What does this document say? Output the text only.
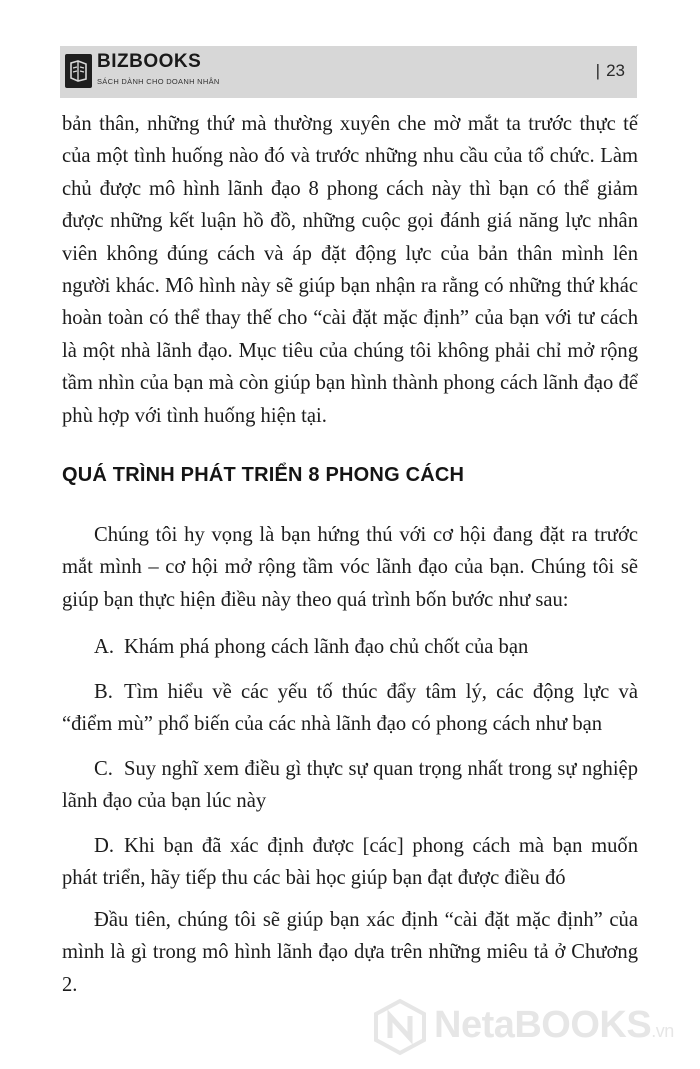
BIZBOOKS
SÁCH DÀNH CHO DOANH NHÂN
| 23

bản thân, những thứ mà thường xuyên che mờ mắt ta trước thực tế của một tình huống nào đó và trước những nhu cầu của tổ chức. Làm chủ được mô hình lãnh đạo 8 phong cách này thì bạn có thể giảm được những kết luận hồ đồ, những cuộc gọi đánh giá năng lực nhân viên không đúng cách và áp đặt động lực của bản thân mình lên người khác. Mô hình này sẽ giúp bạn nhận ra rằng có những thứ khác hoàn toàn có thể thay thế cho “cài đặt mặc định” của bạn với tư cách là một nhà lãnh đạo. Mục tiêu của chúng tôi không phải chỉ mở rộng tầm nhìn của bạn mà còn giúp bạn hình thành phong cách lãnh đạo để phù hợp với tình huống hiện tại.

QUÁ TRÌNH PHÁT TRIỂN 8 PHONG CÁCH

Chúng tôi hy vọng là bạn hứng thú với cơ hội đang đặt ra trước mắt mình – cơ hội mở rộng tầm vóc lãnh đạo của bạn. Chúng tôi sẽ giúp bạn thực hiện điều này theo quá trình bốn bước như sau:

A. Khám phá phong cách lãnh đạo chủ chốt của bạn

B. Tìm hiểu về các yếu tố thúc đẩy tâm lý, các động lực và “điểm mù” phổ biến của các nhà lãnh đạo có phong cách như bạn

C. Suy nghĩ xem điều gì thực sự quan trọng nhất trong sự nghiệp lãnh đạo của bạn lúc này

D. Khi bạn đã xác định được [các] phong cách mà bạn muốn phát triển, hãy tiếp thu các bài học giúp bạn đạt được điều đó

Đầu tiên, chúng tôi sẽ giúp bạn xác định “cài đặt mặc định” của mình là gì trong mô hình lãnh đạo dựa trên những miêu tả ở Chương 2.

NetaBOOKS.vn
